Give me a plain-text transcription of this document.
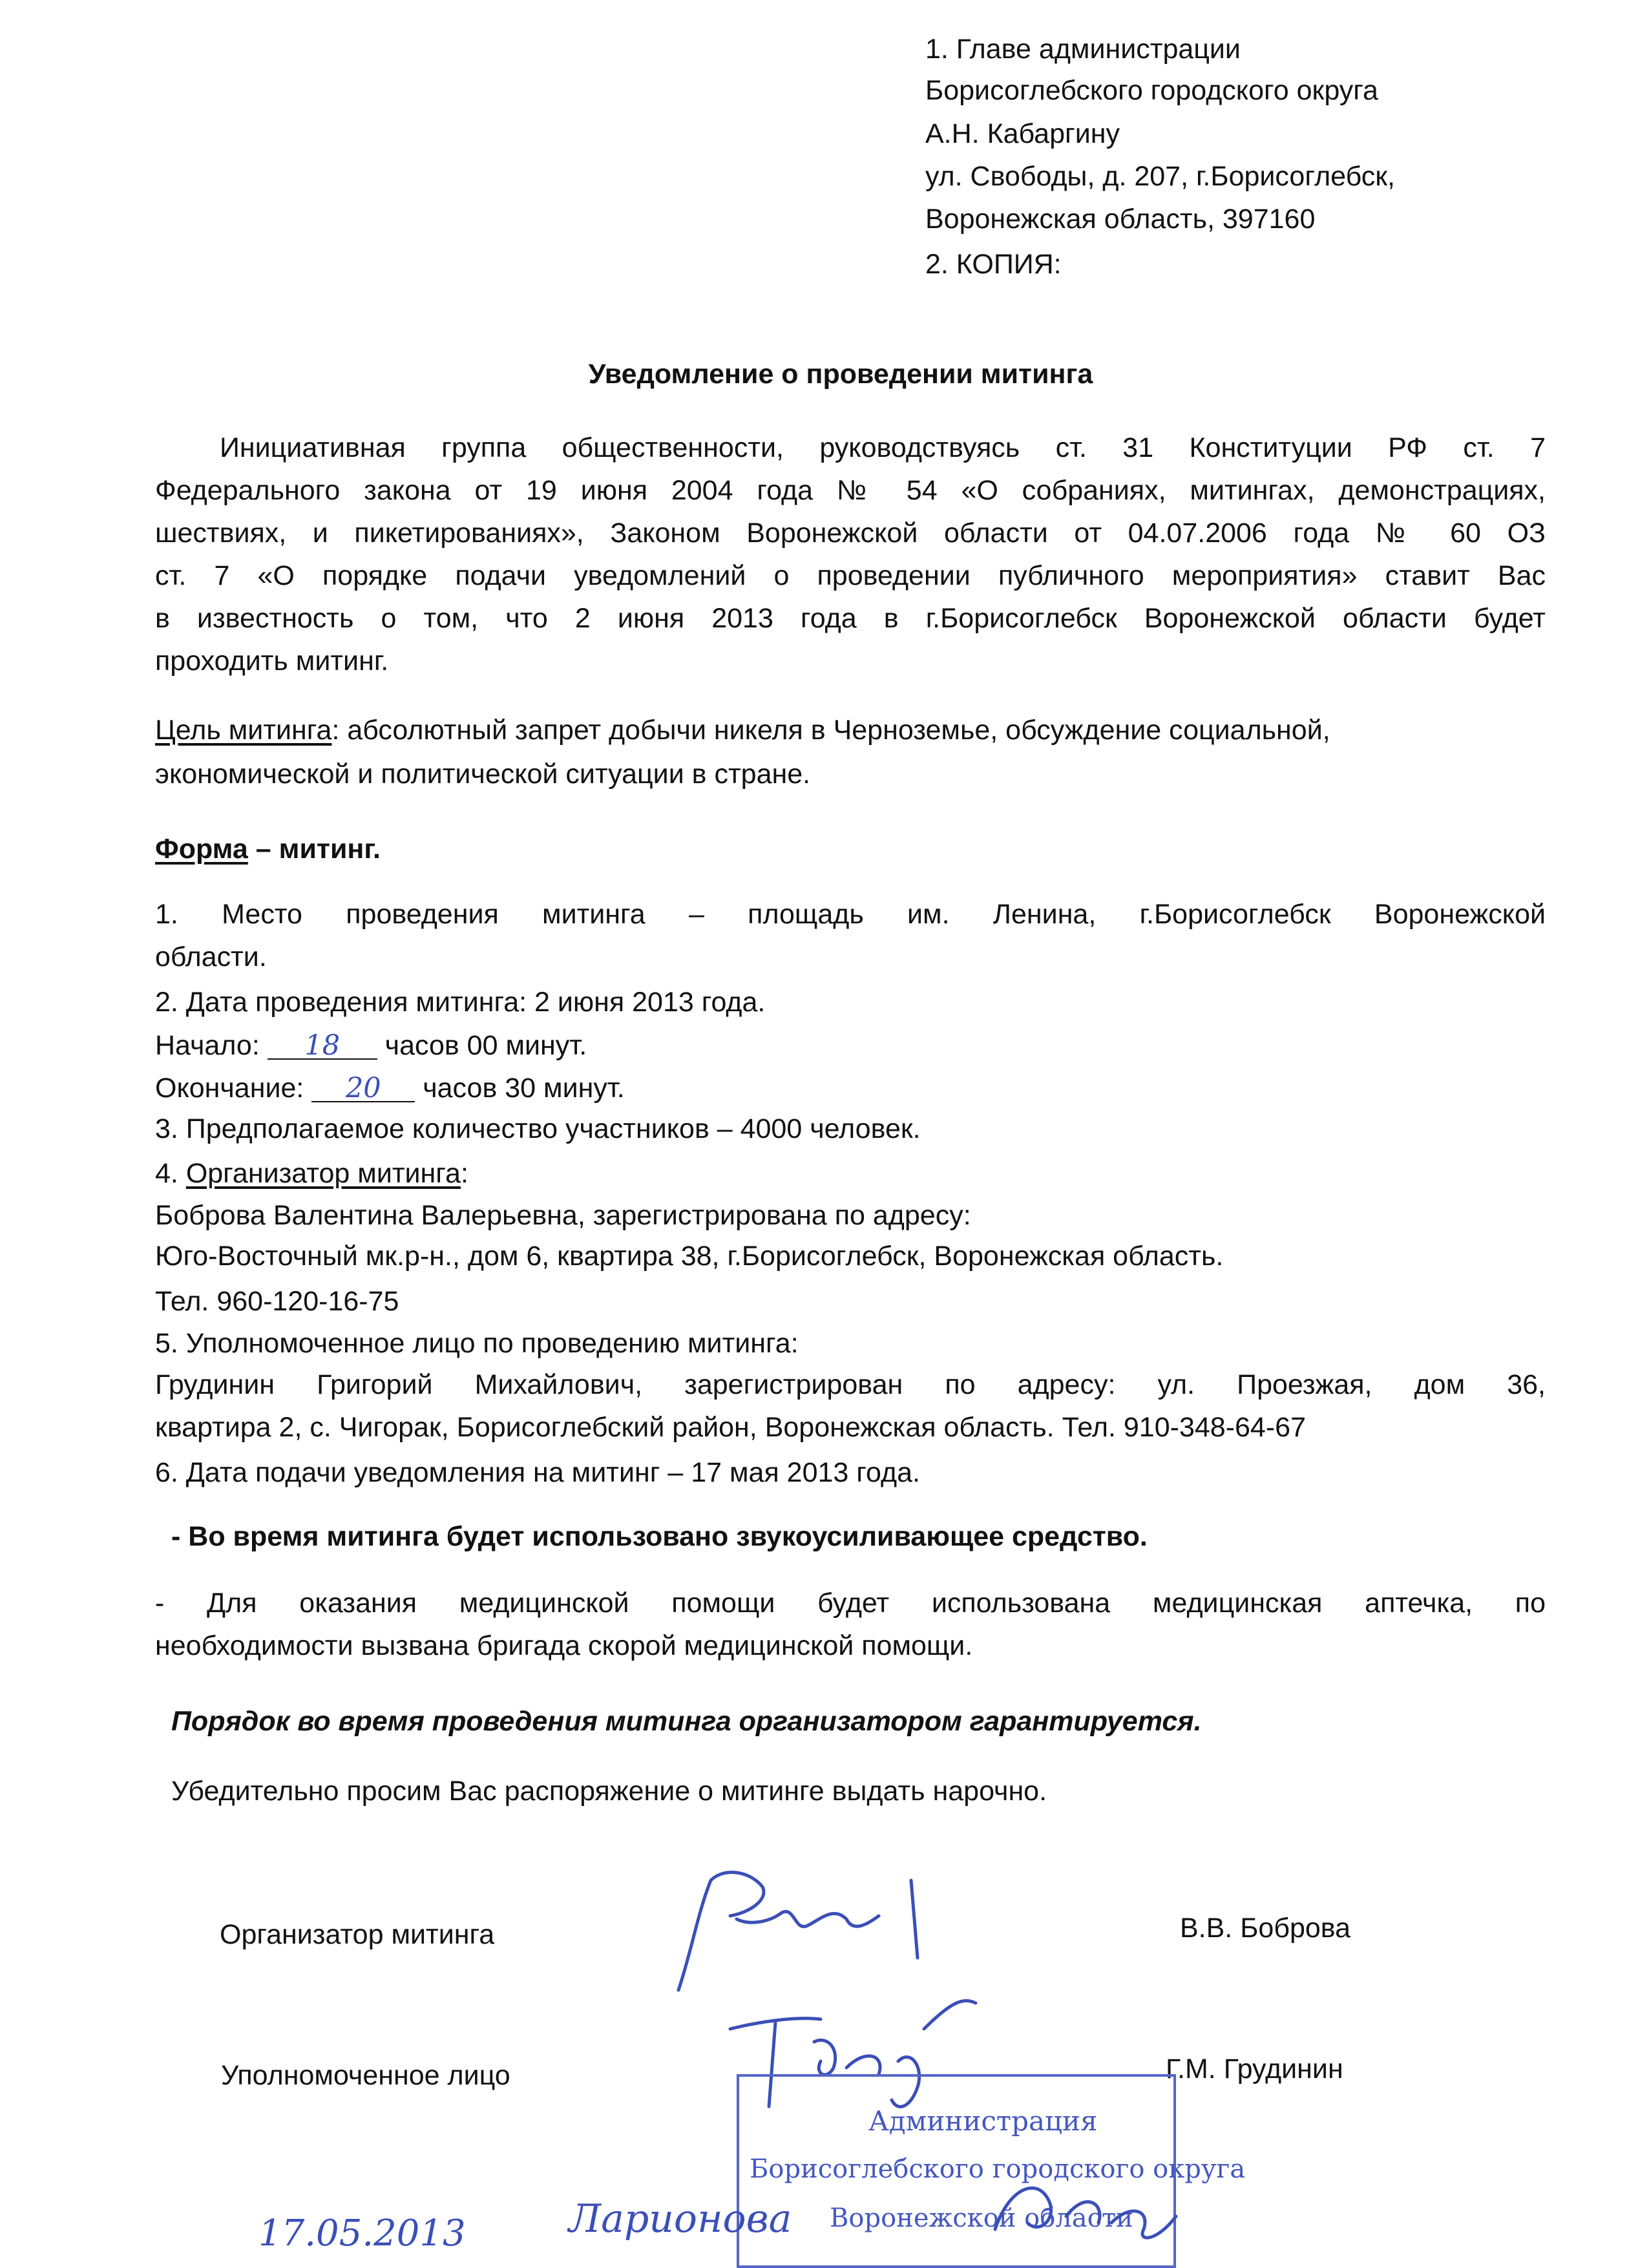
1. Главе администрации
Борисоглебского городского округа
А.Н. Кабаргину
ул. Свободы, д. 207, г.Борисоглебск,
Воронежская область, 397160
2. КОПИЯ:
Уведомление о проведении митинга
Инициативная группа общественности, руководствуясь ст. 31 Конституции РФ ст. 7
Федерального закона от 19 июня 2004 года № 54 «О собраниях, митингах, демонстрациях,
шествиях, и пикетированиях», Законом Воронежской области от 04.07.2006 года № 60 ОЗ
ст. 7 «О порядке подачи уведомлений о проведении публичного мероприятия» ставит Вас
в известность о том, что 2 июня 2013 года в г.Борисоглебск Воронежской области будет
проходить митинг.
Цель митинга: абсолютный запрет добычи никеля в Черноземье, обсуждение социальной,
экономической и политической ситуации в стране.
Форма – митинг.
1. Место проведения митинга – площадь им. Ленина, г.Борисоглебск Воронежской
области.
2. Дата проведения митинга: 2 июня 2013 года.
Начало: 18 часов 00 минут.
Окончание: 20 часов 30 минут.
3. Предполагаемое количество участников – 4000 человек.
4. Организатор митинга:
Боброва Валентина Валерьевна, зарегистрирована по адресу:
Юго-Восточный мк.р-н., дом 6, квартира 38, г.Борисоглебск, Воронежская область.
Тел. 960-120-16-75
5. Уполномоченное лицо по проведению митинга:
Грудинин Григорий Михайлович, зарегистрирован по адресу: ул. Проезжая, дом 36,
квартира 2, с. Чигорак, Борисоглебский район, Воронежская область. Тел. 910-348-64-67
6. Дата подачи уведомления на митинг – 17 мая 2013 года.
- Во время митинга будет использовано звукоусиливающее средство.
- Для оказания медицинской помощи будет использована медицинская аптечка, по
необходимости вызвана бригада скорой медицинской помощи.
Порядок во время проведения митинга организатором гарантируется.
Убедительно просим Вас распоряжение о митинге выдать нарочно.
Организатор митинга	В.В. Боброва
Уполномоченное лицо	Г.М. Грудинин
Администрация
Борисоглебского городского округа
Воронежской области
17.05.2013	Ларионова
